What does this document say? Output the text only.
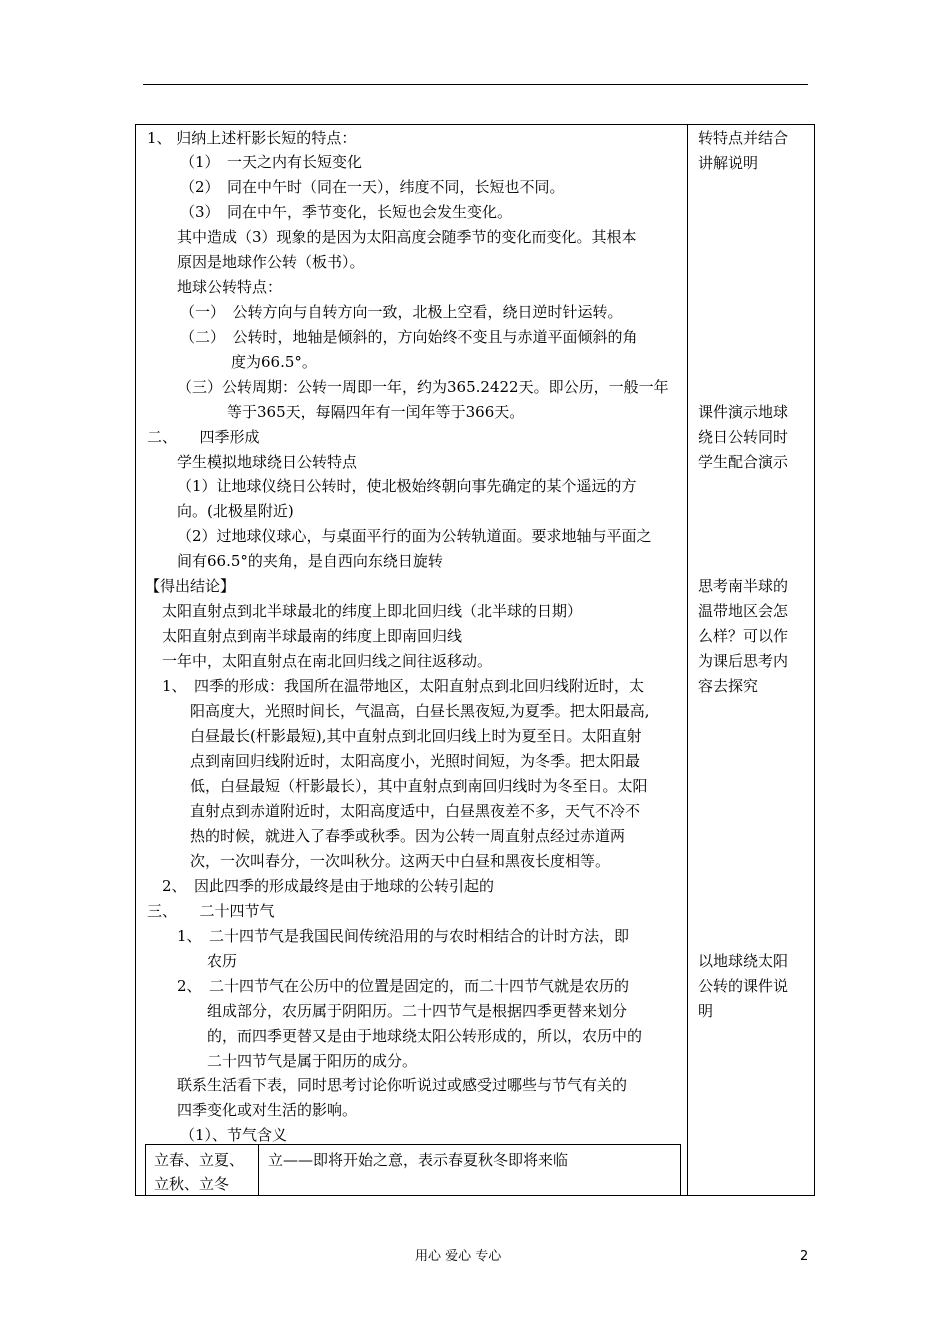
1、 归纳上述杆影长短的特点：
（1）　一天之内有长短变化
（2）　同在中午时（同在一天），纬度不同，长短也不同。
（3）　同在中午，季节变化，长短也会发生变化。
其中造成（3）现象的是因为太阳高度会随季节的变化而变化。其根本
原因是地球作公转（板书）。
地球公转特点：
（一）　公转方向与自转方向一致，北极上空看，绕日逆时针运转。
（二）　公转时，地轴是倾斜的，方向始终不变且与赤道平面倾斜的角
度为66.5°。
（三）公转周期：公转一周即一年，约为365.2422天。即公历，一般一年
等于365天，每隔四年有一闰年等于366天。
二、　　四季形成
学生模拟地球绕日公转特点
（1）让地球仪绕日公转时，使北极始终朝向事先确定的某个遥远的方
向。(北极星附近)
（2）过地球仪球心，与桌面平行的面为公转轨道面。要求地轴与平面之
间有66.5°的夹角，是自西向东绕日旋转
【得出结论】
太阳直射点到北半球最北的纬度上即北回归线（北半球的日期）
太阳直射点到南半球最南的纬度上即南回归线
一年中，太阳直射点在南北回归线之间往返移动。
1、　四季的形成：我国所在温带地区，太阳直射点到北回归线附近时，太
阳高度大，光照时间长，气温高，白昼长黑夜短,为夏季。把太阳最高,
白昼最长(杆影最短),其中直射点到北回归线上时为夏至日。太阳直射
点到南回归线附近时，太阳高度小，光照时间短，为冬季。把太阳最
低，白昼最短（杆影最长），其中直射点到南回归线时为冬至日。太阳
直射点到赤道附近时，太阳高度适中，白昼黑夜差不多，天气不冷不
热的时候，就进入了春季或秋季。因为公转一周直射点经过赤道两
次，一次叫春分，一次叫秋分。这两天中白昼和黑夜长度相等。
2、　因此四季的形成最终是由于地球的公转引起的
三、　　二十四节气
1、　二十四节气是我国民间传统沿用的与农时相结合的计时方法，即
农历
2、　二十四节气在公历中的位置是固定的，而二十四节气就是农历的
组成部分，农历属于阴阳历。二十四节气是根据四季更替来划分
的，而四季更替又是由于地球绕太阳公转形成的，所以，农历中的
二十四节气是属于阳历的成分。
联系生活看下表，同时思考讨论你听说过或感受过哪些与节气有关的
四季变化或对生活的影响。
（1）、节气含义
转特点并结合
讲解说明
课件演示地球
绕日公转同时
学生配合演示
思考南半球的
温带地区会怎
么样？可以作
为课后思考内
容去探究
以地球绕太阳
公转的课件说
明
立春、立夏、
立秋、立冬
立——即将开始之意，表示春夏秋冬即将来临
用心 爱心 专心	2
